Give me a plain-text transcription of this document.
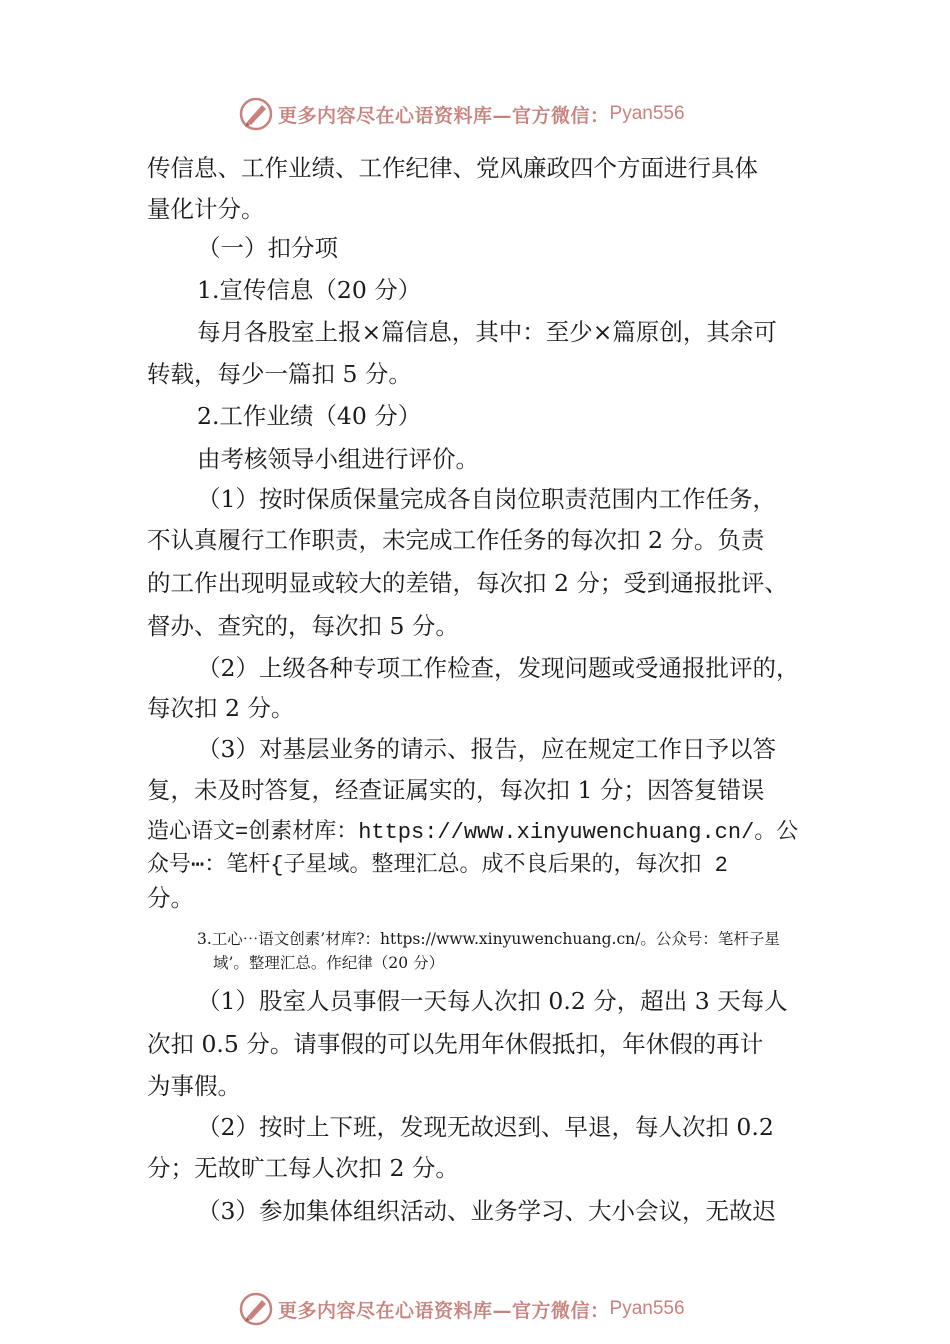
更多内容尽在心语资料库—官方微信： Pyan556
传信息、工作业绩、工作纪律、党风廉政四个方面进行具体
量化计分。
（一）扣分项
1.宣传信息（20 分）
每月各股室上报×篇信息，其中：至少×篇原创，其余可
转载，每少一篇扣 5 分。
2.工作业绩（40 分）
由考核领导小组进行评价。
（1）按时保质保量完成各自岗位职责范围内工作任务，
不认真履行工作职责，未完成工作任务的每次扣 2 分。负责
的工作出现明显或较大的差错，每次扣 2 分；受到通报批评、
督办、查究的，每次扣 5 分。
（2）上级各种专项工作检查，发现问题或受通报批评的，
每次扣 2 分。
（3）对基层业务的请示、报告，应在规定工作日予以答
复，未及时答复，经查证属实的，每次扣 1 分；因答复错误
造心语文=创素材库：https://www.xinyuwenchuang.cn/。公
众号⋯：笔杆{子星域。整理汇总。成不良后果的，每次扣 2
分。
3.工心⋯语文创素’材库?：https://www.xinyuwenchuang.cn/。公众号：笔杆子星
域’。整理汇总。作纪律（20 分）
（1）股室人员事假一天每人次扣 0.2 分，超出 3 天每人
次扣 0.5 分。请事假的可以先用年休假抵扣，年休假的再计
为事假。
（2）按时上下班，发现无故迟到、早退，每人次扣 0.2
分；无故旷工每人次扣 2 分。
（3）参加集体组织活动、业务学习、大小会议，无故迟
更多内容尽在心语资料库—官方微信： Pyan556
